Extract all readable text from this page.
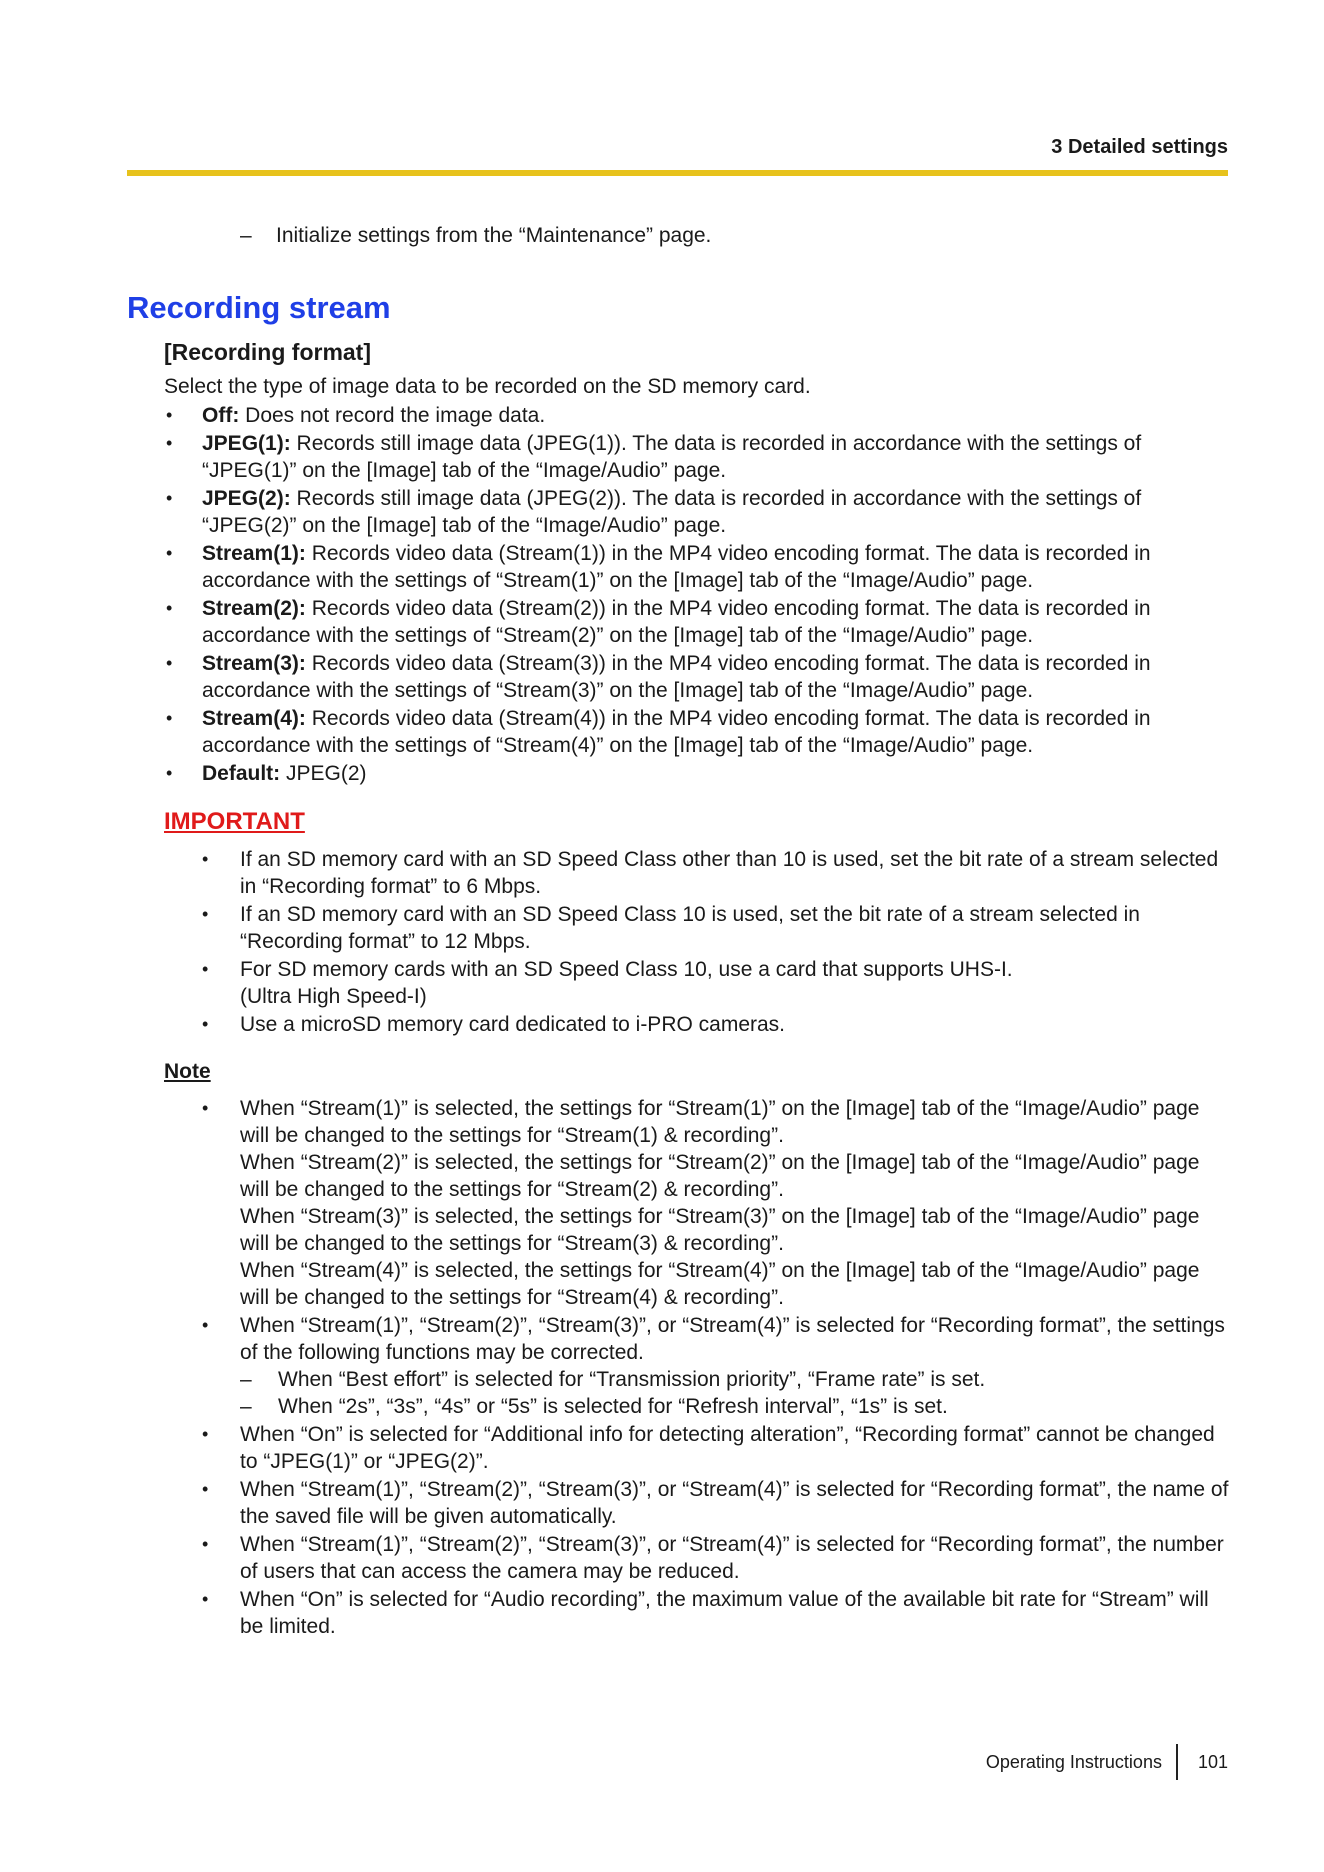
3 Detailed settings
– Initialize settings from the “Maintenance” page.
Recording stream
[Recording format]
Select the type of image data to be recorded on the SD memory card.
• Off: Does not record the image data.
• JPEG(1): Records still image data (JPEG(1)). The data is recorded in accordance with the settings of “JPEG(1)” on the [Image] tab of the “Image/Audio” page.
• JPEG(2): Records still image data (JPEG(2)). The data is recorded in accordance with the settings of “JPEG(2)” on the [Image] tab of the “Image/Audio” page.
• Stream(1): Records video data (Stream(1)) in the MP4 video encoding format. The data is recorded in accordance with the settings of “Stream(1)” on the [Image] tab of the “Image/Audio” page.
• Stream(2): Records video data (Stream(2)) in the MP4 video encoding format. The data is recorded in accordance with the settings of “Stream(2)” on the [Image] tab of the “Image/Audio” page.
• Stream(3): Records video data (Stream(3)) in the MP4 video encoding format. The data is recorded in accordance with the settings of “Stream(3)” on the [Image] tab of the “Image/Audio” page.
• Stream(4): Records video data (Stream(4)) in the MP4 video encoding format. The data is recorded in accordance with the settings of “Stream(4)” on the [Image] tab of the “Image/Audio” page.
• Default: JPEG(2)
IMPORTANT
• If an SD memory card with an SD Speed Class other than 10 is used, set the bit rate of a stream selected in “Recording format” to 6 Mbps.
• If an SD memory card with an SD Speed Class 10 is used, set the bit rate of a stream selected in “Recording format” to 12 Mbps.
• For SD memory cards with an SD Speed Class 10, use a card that supports UHS-I.
(Ultra High Speed-I)
• Use a microSD memory card dedicated to i-PRO cameras.
Note
• When “Stream(1)” is selected, the settings for “Stream(1)” on the [Image] tab of the “Image/Audio” page will be changed to the settings for “Stream(1) & recording”.
When “Stream(2)” is selected, the settings for “Stream(2)” on the [Image] tab of the “Image/Audio” page will be changed to the settings for “Stream(2) & recording”.
When “Stream(3)” is selected, the settings for “Stream(3)” on the [Image] tab of the “Image/Audio” page will be changed to the settings for “Stream(3) & recording”.
When “Stream(4)” is selected, the settings for “Stream(4)” on the [Image] tab of the “Image/Audio” page will be changed to the settings for “Stream(4) & recording”.
• When “Stream(1)”, “Stream(2)”, “Stream(3)”, or “Stream(4)” is selected for “Recording format”, the settings of the following functions may be corrected.
– When “Best effort” is selected for “Transmission priority”, “Frame rate” is set.
– When “2s”, “3s”, “4s” or “5s” is selected for “Refresh interval”, “1s” is set.
• When “On” is selected for “Additional info for detecting alteration”, “Recording format” cannot be changed to “JPEG(1)” or “JPEG(2)”.
• When “Stream(1)”, “Stream(2)”, “Stream(3)”, or “Stream(4)” is selected for “Recording format”, the name of the saved file will be given automatically.
• When “Stream(1)”, “Stream(2)”, “Stream(3)”, or “Stream(4)” is selected for “Recording format”, the number of users that can access the camera may be reduced.
• When “On” is selected for “Audio recording”, the maximum value of the available bit rate for “Stream” will be limited.
Operating Instructions 101
